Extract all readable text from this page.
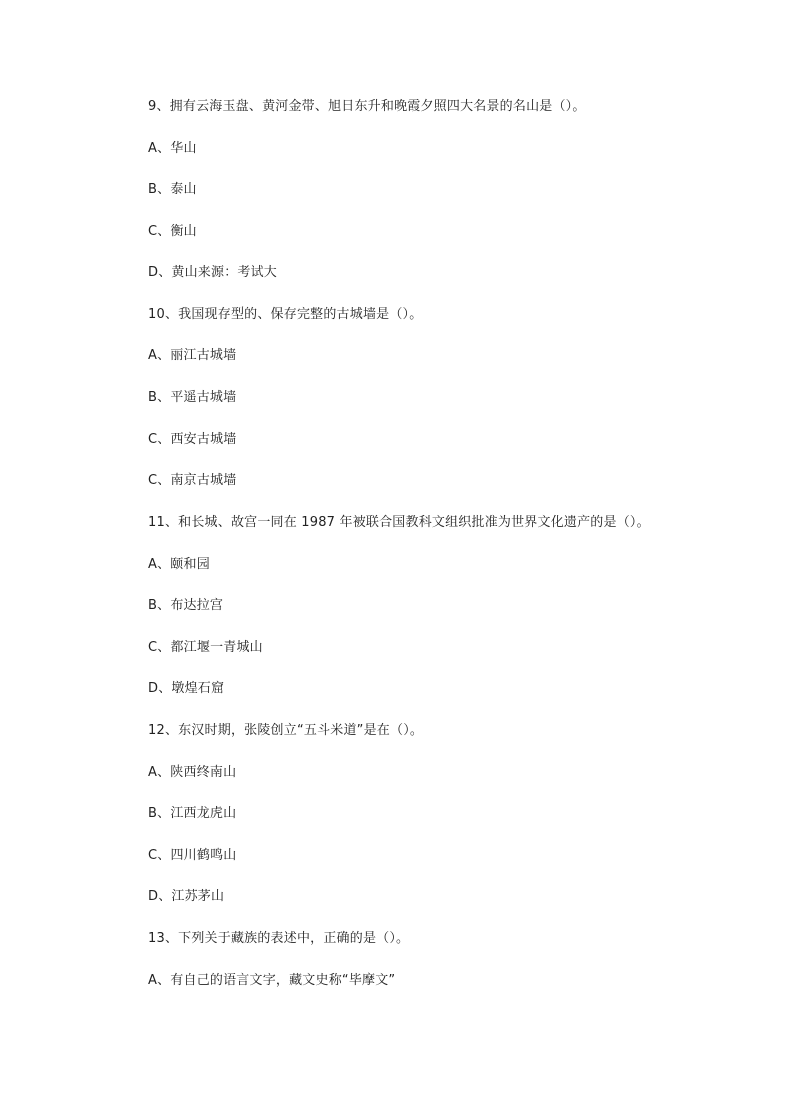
9、拥有云海玉盘、黄河金带、旭日东升和晚霞夕照四大名景的名山是（）。
A、华山
B、泰山
C、衡山
D、黄山来源：考试大
10、我国现存型的、保存完整的古城墙是（）。
A、丽江古城墙
B、平遥古城墙
C、西安古城墙
C、南京古城墙
11、和长城、故宫一同在 1987 年被联合国教科文组织批准为世界文化遗产的是（）。
A、颐和园
B、布达拉宫
C、都江堰一青城山
D、墩煌石窟
12、东汉时期，张陵创立“五斗米道”是在（）。
A、陕西终南山
B、江西龙虎山
C、四川鹤鸣山
D、江苏茅山
13、下列关于藏族的表述中，正确的是（）。
A、有自己的语言文字，藏文史称“毕摩文”
